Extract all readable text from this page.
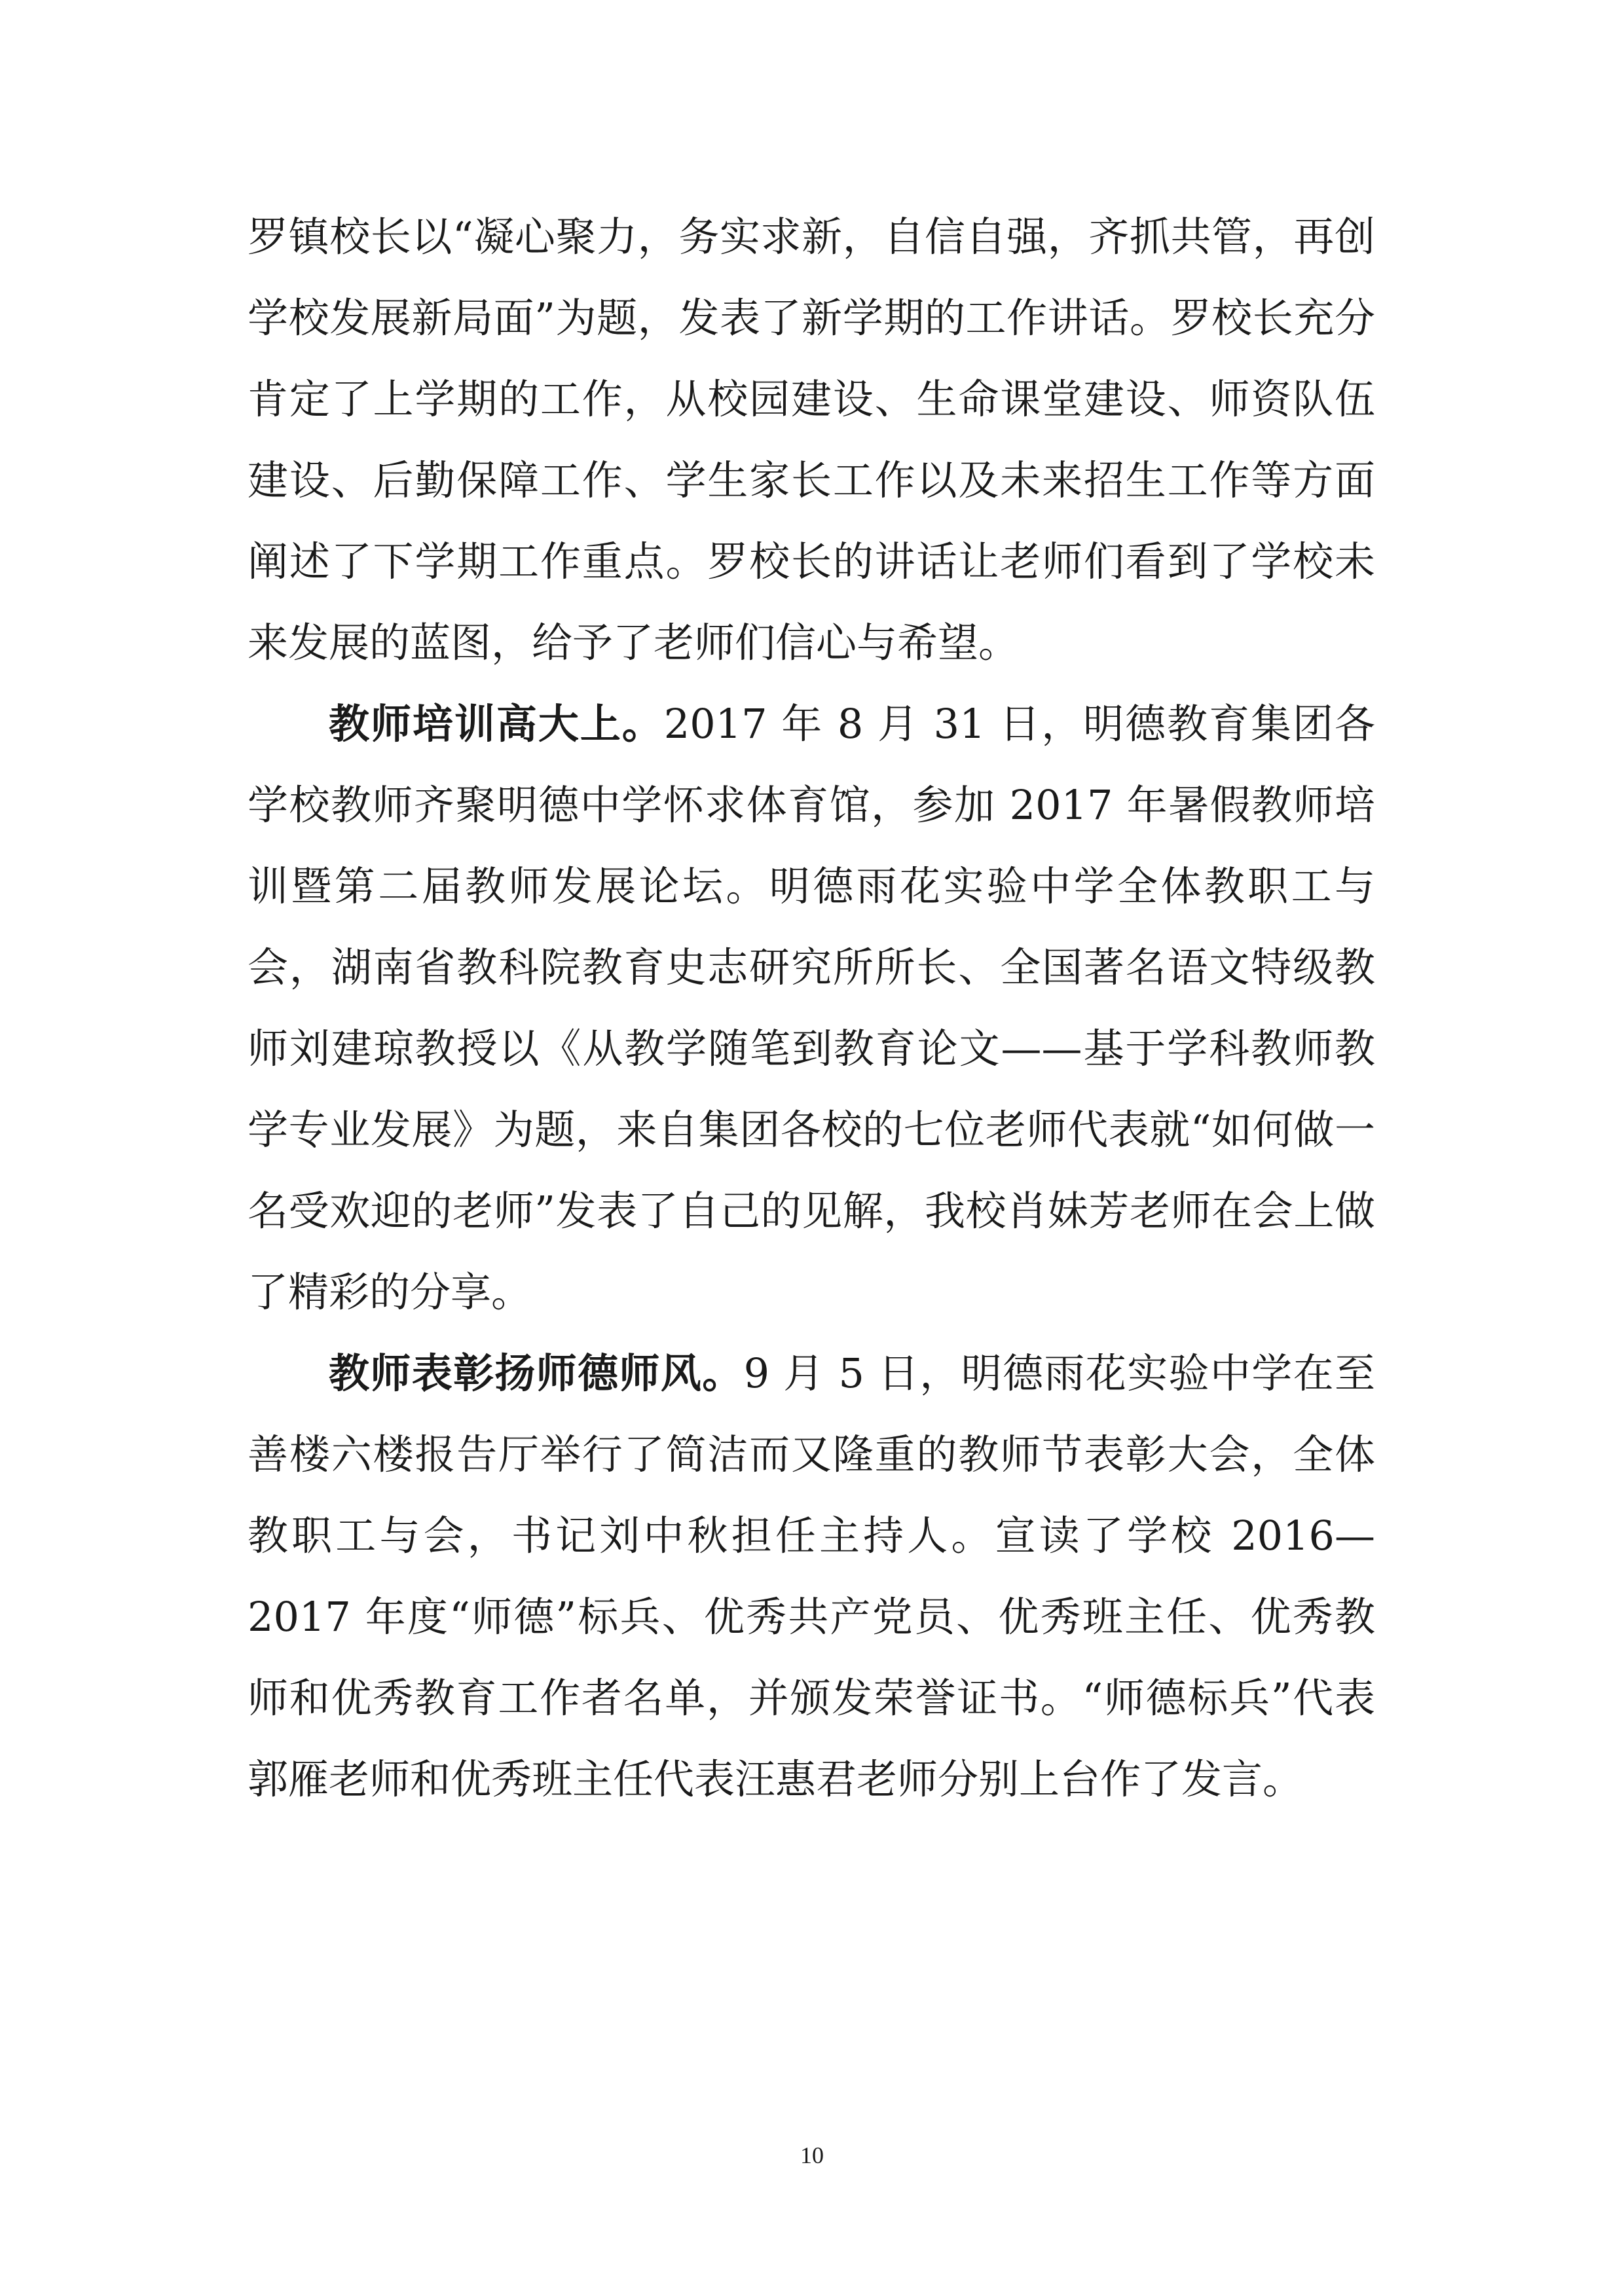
罗镇校长以“凝心聚力，务实求新，自信自强，齐抓共管，再创学校发展新局面”为题，发表了新学期的工作讲话。罗校长充分肯定了上学期的工作，从校园建设、生命课堂建设、师资队伍建设、后勤保障工作、学生家长工作以及未来招生工作等方面阐述了下学期工作重点。罗校长的讲话让老师们看到了学校未来发展的蓝图，给予了老师们信心与希望。

教师培训高大上。2017 年 8 月 31 日，明德教育集团各学校教师齐聚明德中学怀求体育馆，参加 2017 年暑假教师培训暨第二届教师发展论坛。明德雨花实验中学全体教职工与会，湖南省教科院教育史志研究所所长、全国著名语文特级教师刘建琼教授以《从教学随笔到教育论文——基于学科教师教学专业发展》为题，来自集团各校的七位老师代表就“如何做一名受欢迎的老师”发表了自己的见解，我校肖妹芳老师在会上做了精彩的分享。

教师表彰扬师德师风。9 月 5 日，明德雨花实验中学在至善楼六楼报告厅举行了简洁而又隆重的教师节表彰大会，全体教职工与会，书记刘中秋担任主持人。宣读了学校 2016—2017 年度“师德”标兵、优秀共产党员、优秀班主任、优秀教师和优秀教育工作者名单，并颁发荣誉证书。“师德标兵”代表郭雁老师和优秀班主任代表汪惠君老师分别上台作了发言。

10
